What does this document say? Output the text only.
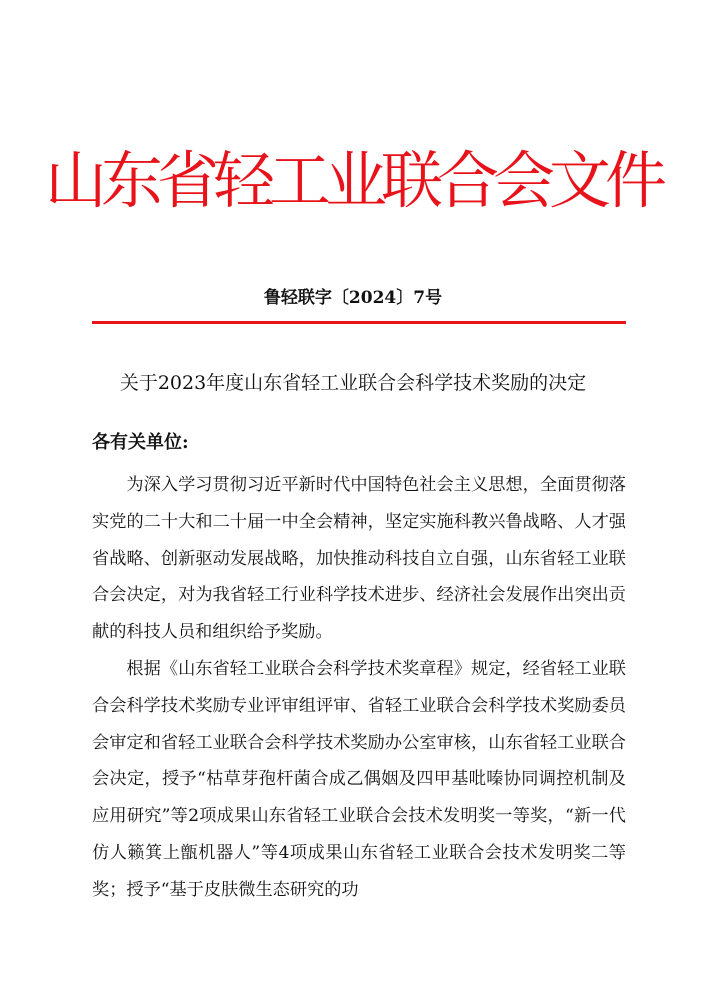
山东省轻工业联合会文件
鲁轻联字〔2024〕7号
关于2023年度山东省轻工业联合会科学技术奖励的决定
各有关单位:

为深入学习贯彻习近平新时代中国特色社会主义思想，全面贯彻落实党的二十大和二十届一中全会精神，坚定实施科教兴鲁战略、人才强省战略、创新驱动发展战略，加快推动科技自立自强，山东省轻工业联合会决定，对为我省轻工行业科学技术进步、经济社会发展作出突出贡献的科技人员和组织给予奖励。

根据《山东省轻工业联合会科学技术奖章程》规定，经省轻工业联合会科学技术奖励专业评审组评审、省轻工业联合会科学技术奖励委员会审定和省轻工业联合会科学技术奖励办公室审核，山东省轻工业联合会决定，授予“枯草芽孢杆菌合成乙偶姻及四甲基吡嗪协同调控机制及应用研究”等2项成果山东省轻工业联合会技术发明奖一等奖，“新一代仿人籁箕上甑机器人”等4项成果山东省轻工业联合会技术发明奖二等奖；授予“基于皮肤微生态研究的功
